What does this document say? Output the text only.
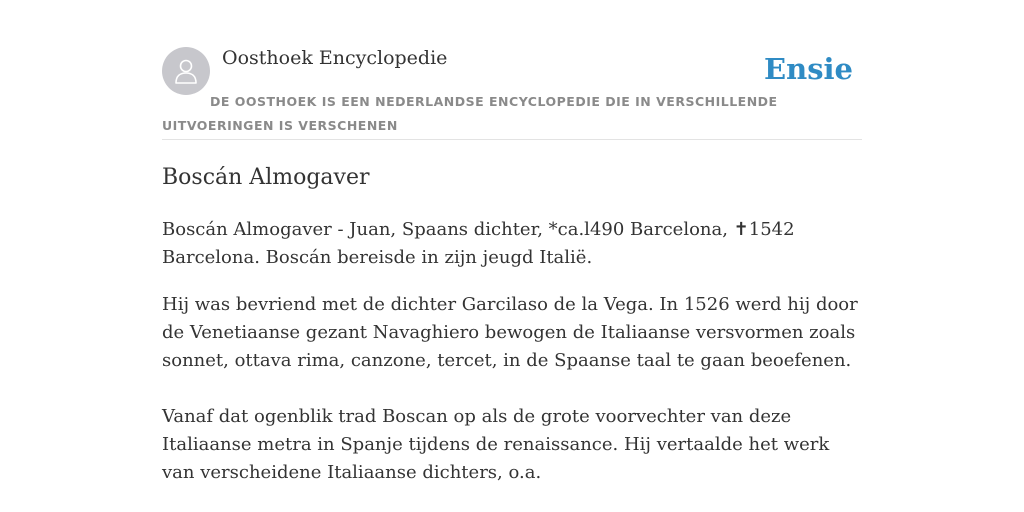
Oosthoek Encyclopedie	Ensie
DE OOSTHOEK IS EEN NEDERLANDSE ENCYCLOPEDIE DIE IN VERSCHILLENDE UITVOERINGEN IS VERSCHENEN
Boscán Almogaver

Boscán Almogaver - Juan, Spaans dichter, *ca.l490 Barcelona, ✝1542 Barcelona. Boscán bereisde in zijn jeugd Italië.

Hij was bevriend met de dichter Garcilaso de la Vega. In 1526 werd hij door de Venetiaanse gezant Navaghiero bewogen de Italiaanse versvormen zoals sonnet, ottava rima, canzone, tercet, in de Spaanse taal te gaan beoefenen.

Vanaf dat ogenblik trad Boscan op als de grote voorvechter van deze Italiaanse metra in Spanje tijdens de renaissance. Hij vertaalde het werk van verscheidene Italiaanse dichters, o.a.
